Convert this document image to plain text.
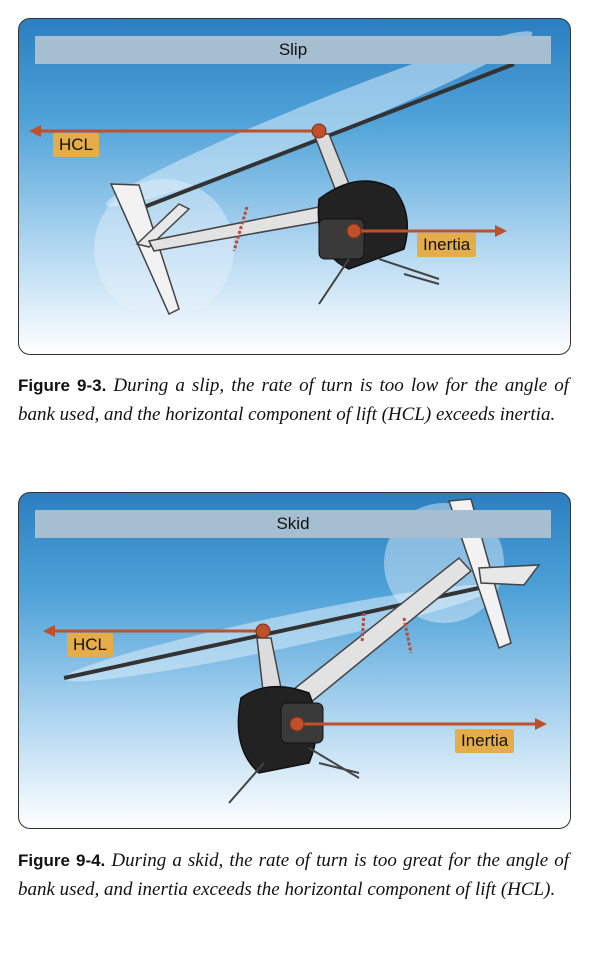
Slip
HCL
Inertia

Figure 9-3. During a slip, the rate of turn is too low for the angle of bank used, and the horizontal component of lift (HCL) exceeds inertia.

Skid
HCL
Inertia

Figure 9-4. During a skid, the rate of turn is too great for the angle of bank used, and inertia exceeds the horizontal component of lift (HCL).
